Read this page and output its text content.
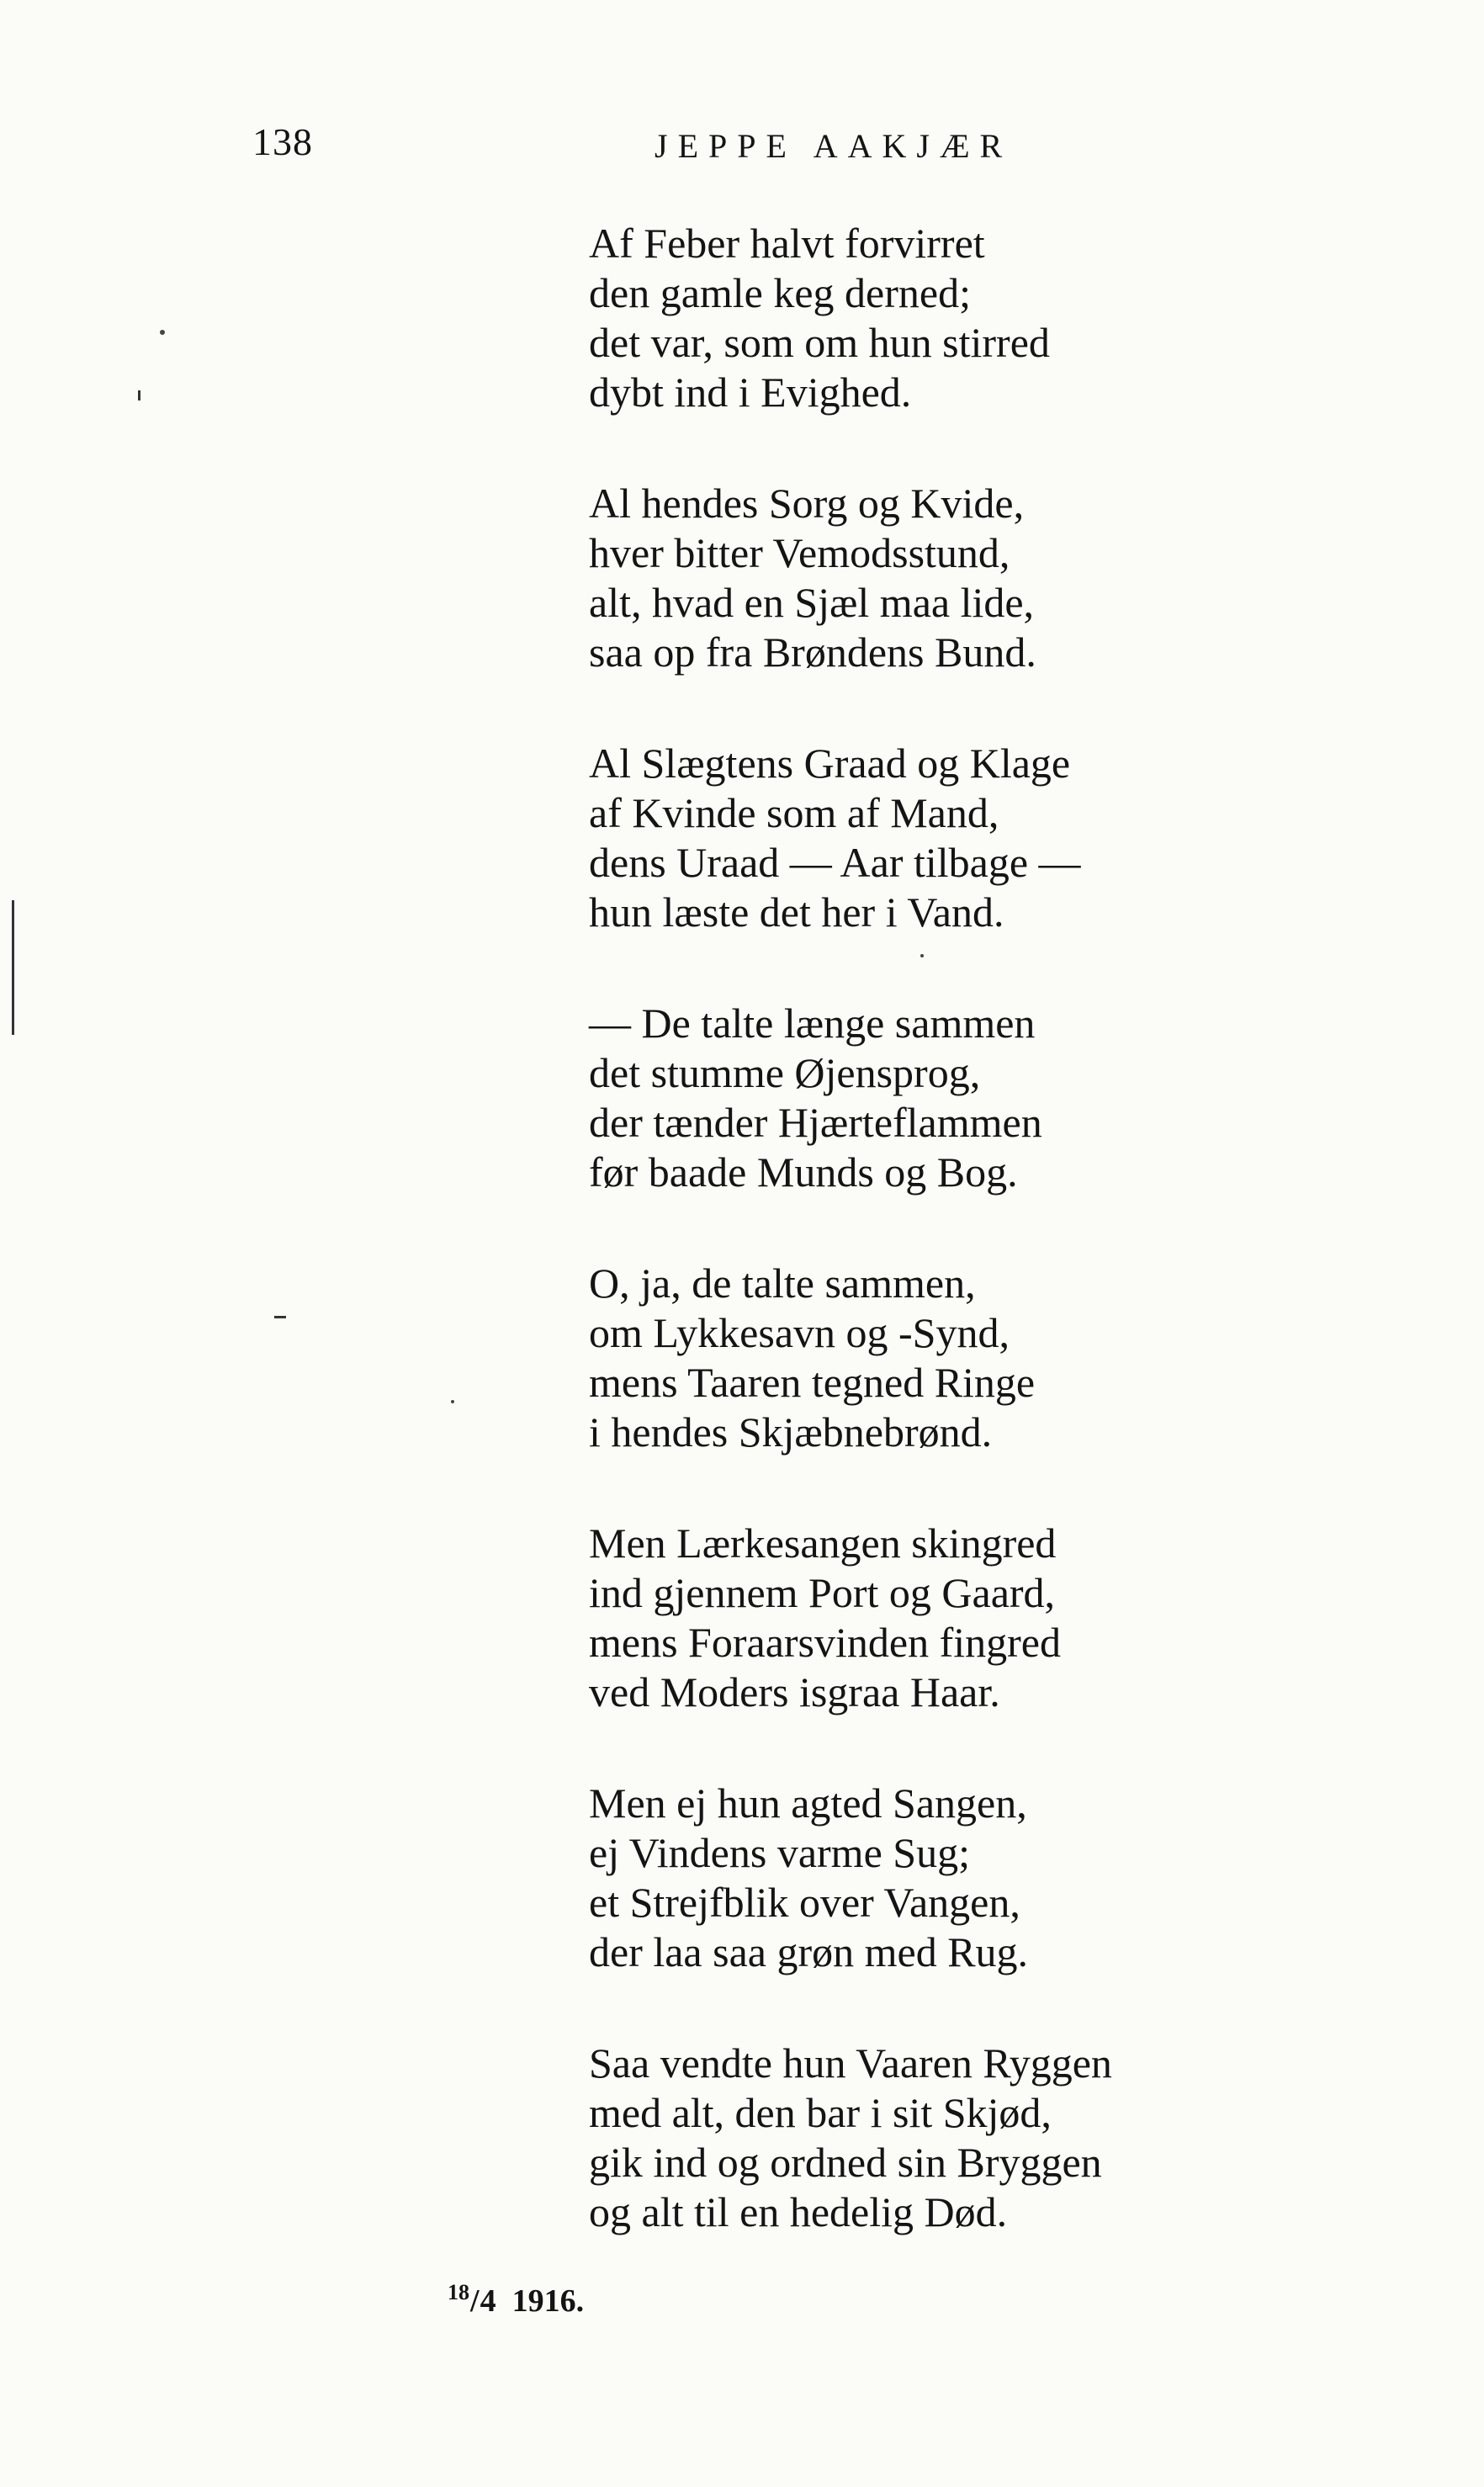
138	JEPPE AAKJÆR
Af Feber halvt forvirret
den gamle keg derned;
det var, som om hun stirred
dybt ind i Evighed.
Al hendes Sorg og Kvide,
hver bitter Vemodsstund,
alt, hvad en Sjæl maa lide,
saa op fra Brøndens Bund.
Al Slægtens Graad og Klage
af Kvinde som af Mand,
dens Uraad — Aar tilbage —
hun læste det her i Vand.
— De talte længe sammen
det stumme Øjensprog,
der tænder Hjærteflammen
før baade Munds og Bog.
O, ja, de talte sammen,
om Lykkesavn og -Synd,
mens Taaren tegned Ringe
i hendes Skjæbnebrønd.
Men Lærkesangen skingred
ind gjennem Port og Gaard,
mens Foraarsvinden fingred
ved Moders isgraa Haar.
Men ej hun agted Sangen,
ej Vindens varme Sug;
et Strejfblik over Vangen,
der laa saa grøn med Rug.
Saa vendte hun Vaaren Ryggen
med alt, den bar i sit Skjød,
gik ind og ordned sin Bryggen
og alt til en hedelig Død.
$^{18}$/4 1916.
